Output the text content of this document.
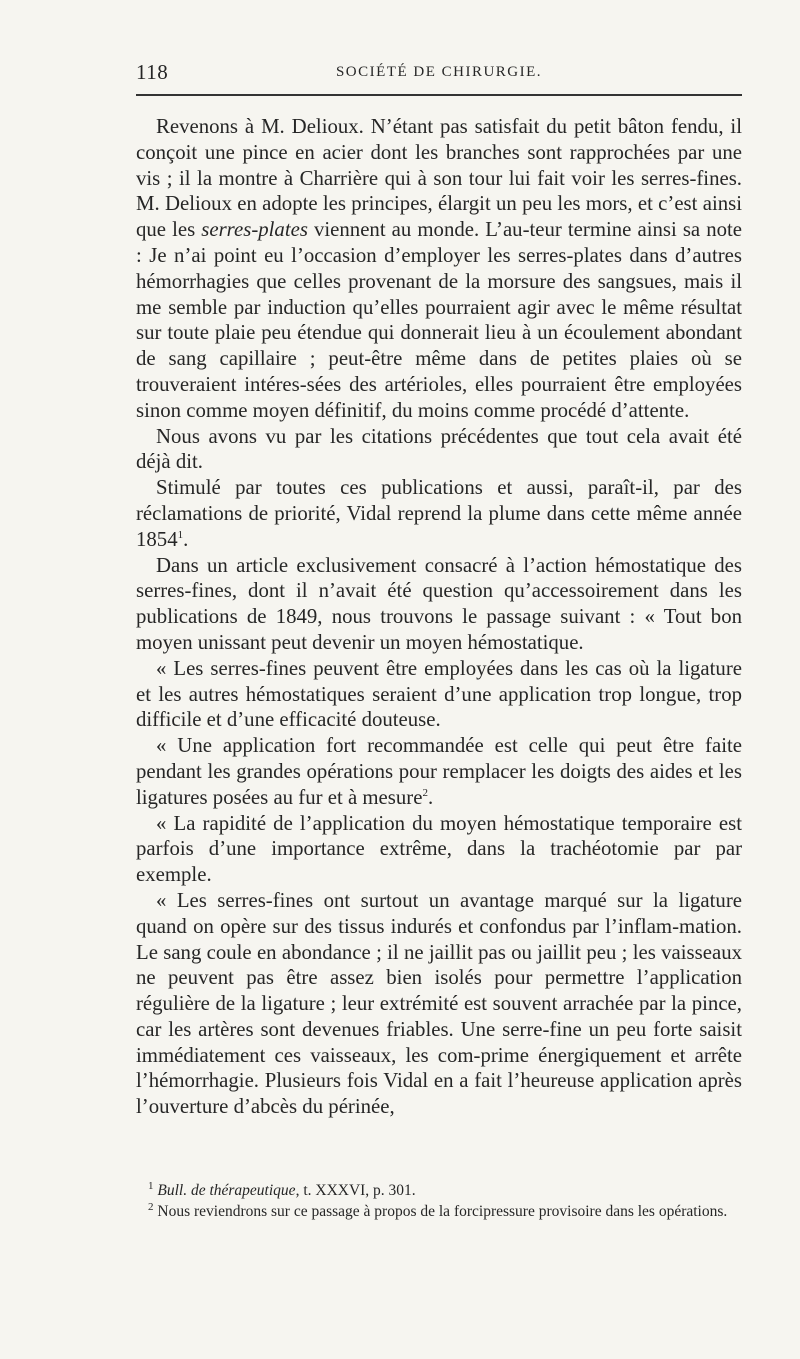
118	SOCIÉTÉ DE CHIRURGIE.

Revenons à M. Delioux. N’étant pas satisfait du petit bâton fendu, il conçoit une pince en acier dont les branches sont rapprochées par une vis ; il la montre à Charrière qui à son tour lui fait voir les serres-fines. M. Delioux en adopte les principes, élargit un peu les mors, et c’est ainsi que les serres-plates viennent au monde. L’au-teur termine ainsi sa note : Je n’ai point eu l’occasion d’employer les serres-plates dans d’autres hémorrhagies que celles provenant de la morsure des sangsues, mais il me semble par induction qu’elles pourraient agir avec le même résultat sur toute plaie peu étendue qui donnerait lieu à un écoulement abondant de sang capillaire ; peut-être même dans de petites plaies où se trouveraient intéres-sées des artérioles, elles pourraient être employées sinon comme moyen définitif, du moins comme procédé d’attente.

Nous avons vu par les citations précédentes que tout cela avait été déjà dit.

Stimulé par toutes ces publications et aussi, paraît-il, par des réclamations de priorité, Vidal reprend la plume dans cette même année 1854$^1$.

Dans un article exclusivement consacré à l’action hémostatique des serres-fines, dont il n’avait été question qu’accessoirement dans les publications de 1849, nous trouvons le passage suivant : « Tout bon moyen unissant peut devenir un moyen hémostatique.

« Les serres-fines peuvent être employées dans les cas où la ligature et les autres hémostatiques seraient d’une application trop longue, trop difficile et d’une efficacité douteuse.

« Une application fort recommandée est celle qui peut être faite pendant les grandes opérations pour remplacer les doigts des aides et les ligatures posées au fur et à mesure$^2$.

« La rapidité de l’application du moyen hémostatique temporaire est parfois d’une importance extrême, dans la trachéotomie par par exemple.

« Les serres-fines ont surtout un avantage marqué sur la ligature quand on opère sur des tissus indurés et confondus par l’inflam-mation. Le sang coule en abondance ; il ne jaillit pas ou jaillit peu ; les vaisseaux ne peuvent pas être assez bien isolés pour permettre l’application régulière de la ligature ; leur extrémité est souvent arrachée par la pince, car les artères sont devenues friables. Une serre-fine un peu forte saisit immédiatement ces vaisseaux, les com-prime énergiquement et arrête l’hémorrhagie. Plusieurs fois Vidal en a fait l’heureuse application après l’ouverture d’abcès du périnée,

$^1$ Bull. de thérapeutique, t. XXXVI, p. 301.

$^2$ Nous reviendrons sur ce passage à propos de la forcipressure provisoire dans les opérations.
